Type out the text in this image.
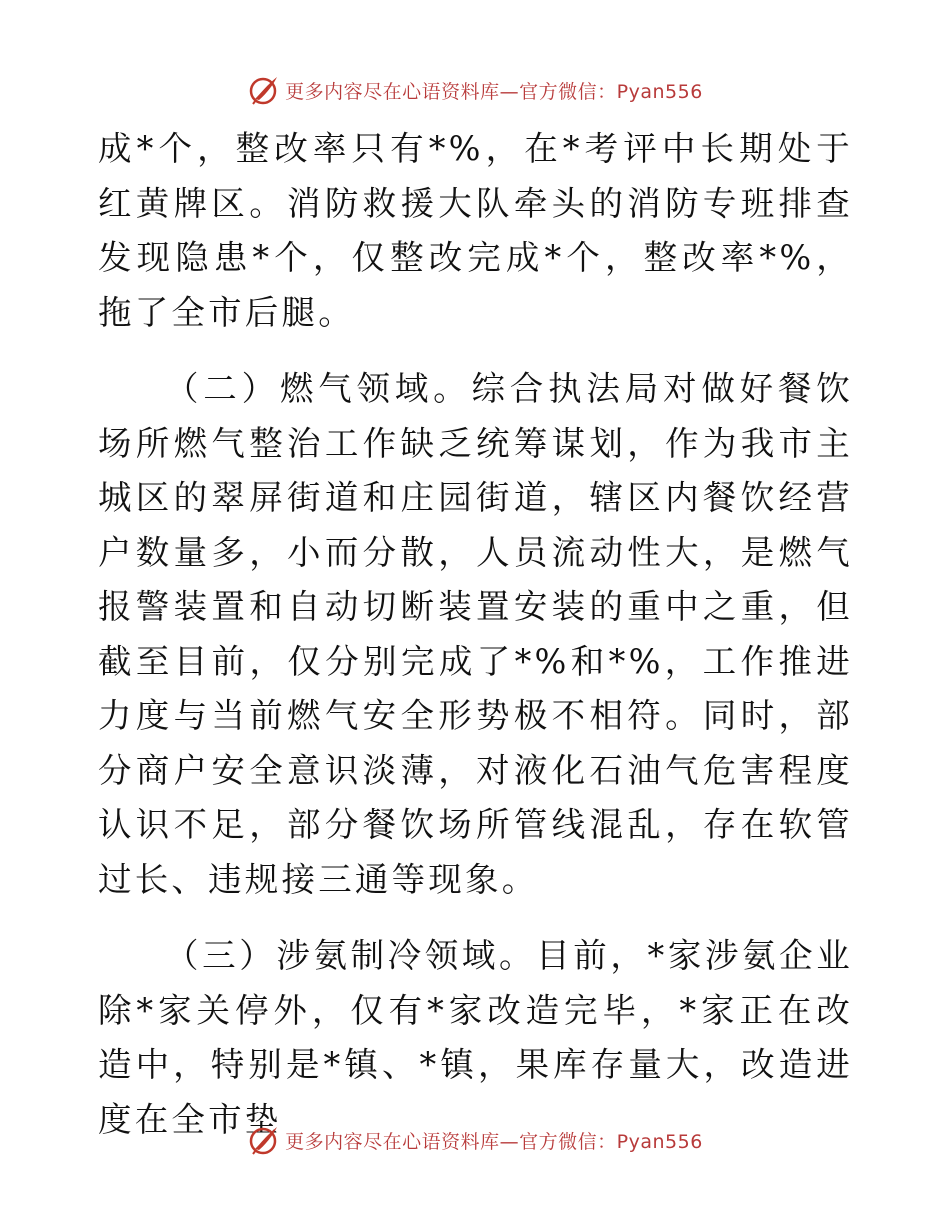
更多内容尽在心语资料库—官方微信：Pyan556

成*个，整改率只有*%，在*考评中长期处于红黄牌区。消防救援大队牵头的消防专班排查发现隐患*个，仅整改完成*个，整改率*%，拖了全市后腿。

（二）燃气领域。综合执法局对做好餐饮场所燃气整治工作缺乏统筹谋划，作为我市主城区的翠屏街道和庄园街道，辖区内餐饮经营户数量多，小而分散，人员流动性大，是燃气报警装置和自动切断装置安装的重中之重，但截至目前，仅分别完成了*%和*%，工作推进力度与当前燃气安全形势极不相符。同时，部分商户安全意识淡薄，对液化石油气危害程度认识不足，部分餐饮场所管线混乱，存在软管过长、违规接三通等现象。

（三）涉氨制冷领域。目前，*家涉氨企业除*家关停外，仅有*家改造完毕，*家正在改造中，特别是*镇、*镇，果库存量大，改造进度在全市垫

更多内容尽在心语资料库—官方微信：Pyan556
